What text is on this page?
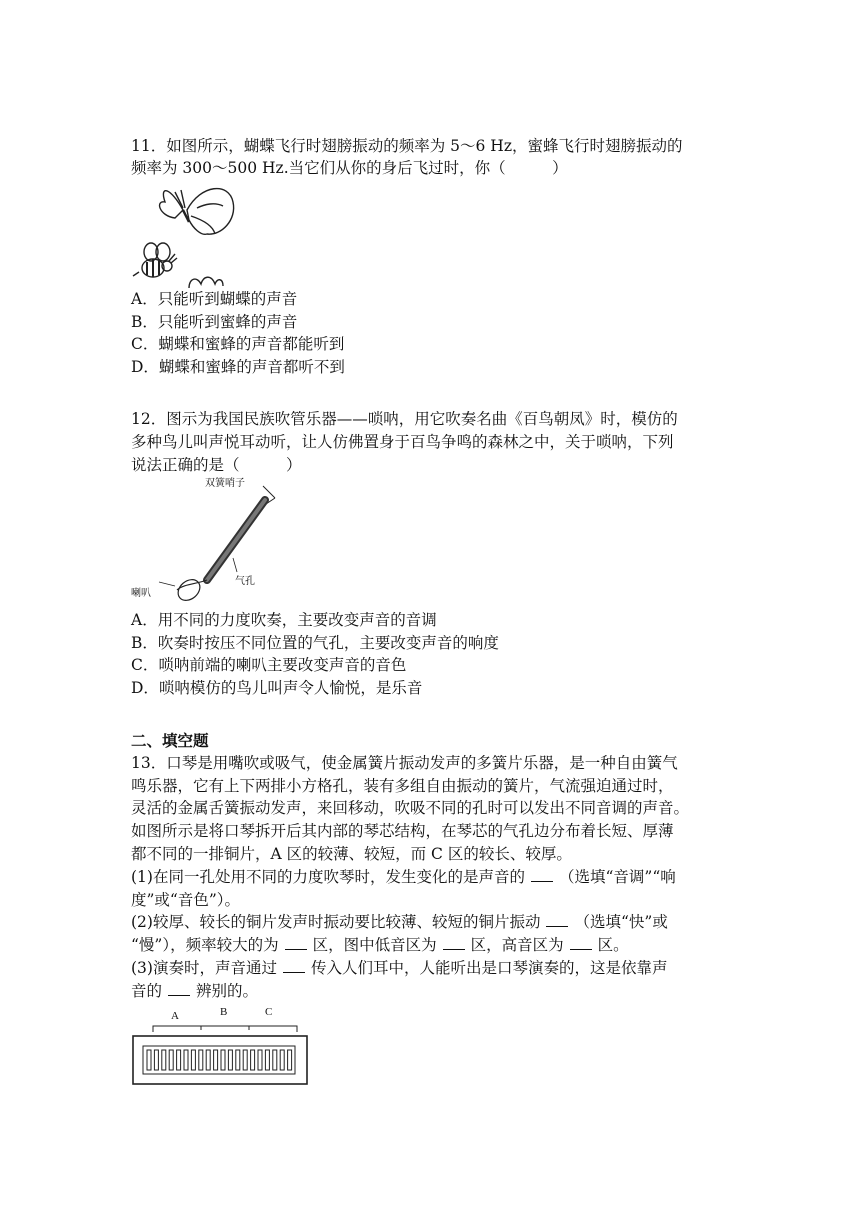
11．如图所示，蝴蝶飞行时翅膀振动的频率为 5～6 Hz，蜜蜂飞行时翅膀振动的
频率为 300～500 Hz.当它们从你的身后飞过时，你（　　　）
A．只能听到蝴蝶的声音
B．只能听到蜜蜂的声音
C．蝴蝶和蜜蜂的声音都能听到
D．蝴蝶和蜜蜂的声音都听不到
12．图示为我国民族吹管乐器——唢呐，用它吹奏名曲《百鸟朝凤》时，模仿的
多种鸟儿叫声悦耳动听，让人仿佛置身于百鸟争鸣的森林之中，关于唢呐，下列
说法正确的是（　　　）
双簧哨子
气孔
喇叭
A．用不同的力度吹奏，主要改变声音的音调
B．吹奏时按压不同位置的气孔，主要改变声音的响度
C．唢呐前端的喇叭主要改变声音的音色
D．唢呐模仿的鸟儿叫声令人愉悦，是乐音
二、填空题
13．口琴是用嘴吹或吸气，使金属簧片振动发声的多簧片乐器，是一种自由簧气
鸣乐器，它有上下两排小方格孔，装有多组自由振动的簧片，气流强迫通过时，
灵活的金属舌簧振动发声，来回移动，吹吸不同的孔时可以发出不同音调的声音。
如图所示是将口琴拆开后其内部的琴芯结构，在琴芯的气孔边分布着长短、厚薄
都不同的一排铜片，A 区的较薄、较短，而 C 区的较长、较厚。
(1)在同一孔处用不同的力度吹琴时，发生变化的是声音的 （选填“音调”“响
度”或“音色”）。
(2)较厚、较长的铜片发声时振动要比较薄、较短的铜片振动 （选填“快”或
“慢”），频率较大的为 区，图中低音区为 区，高音区为 区。
(3)演奏时，声音通过 传入人们耳中，人能听出是口琴演奏的，这是依靠声
音的 辨别的。
A	B	C
